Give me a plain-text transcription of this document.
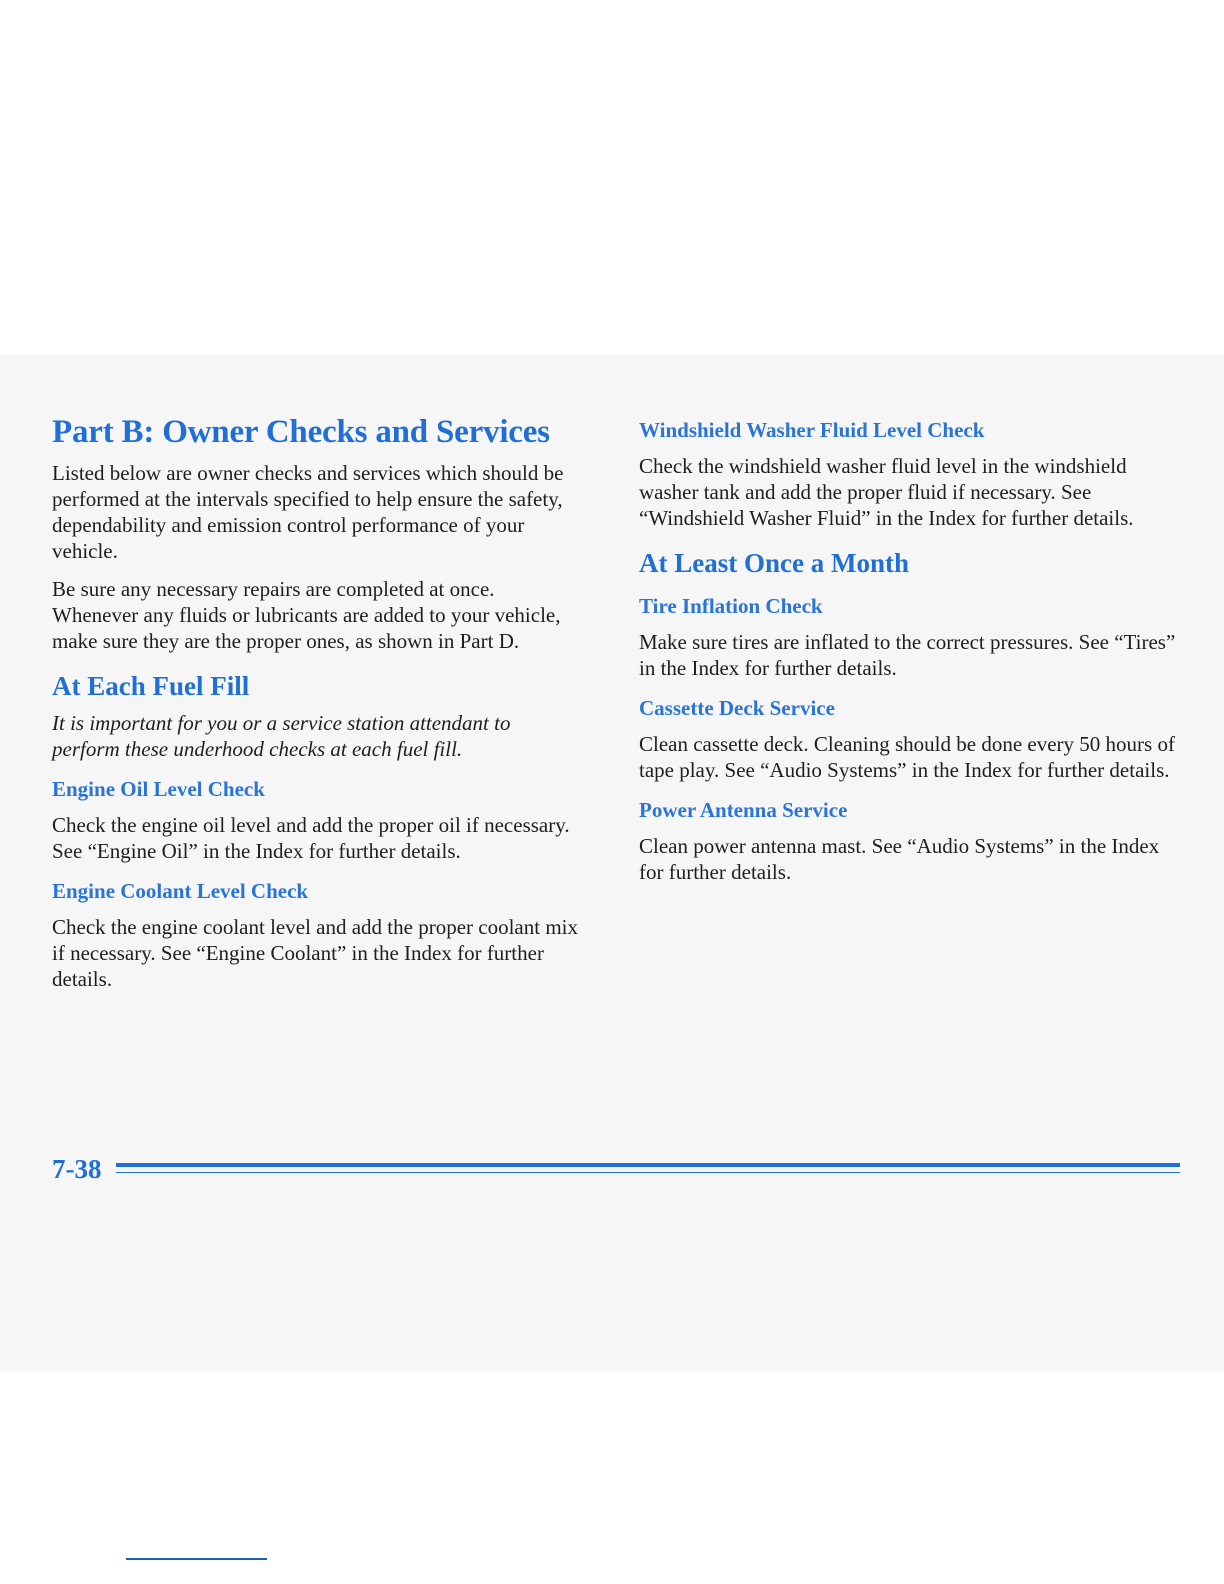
Part B: Owner Checks and Services

Listed below are owner checks and services which should be performed at the intervals specified to help ensure the safety, dependability and emission control performance of your vehicle.

Be sure any necessary repairs are completed at once. Whenever any fluids or lubricants are added to your vehicle, make sure they are the proper ones, as shown in Part D.

At Each Fuel Fill

It is important for you or a service station attendant to perform these underhood checks at each fuel fill.

Engine Oil Level Check

Check the engine oil level and add the proper oil if necessary. See “Engine Oil” in the Index for further details.

Engine Coolant Level Check

Check the engine coolant level and add the proper coolant mix if necessary. See “Engine Coolant” in the Index for further details.

Windshield Washer Fluid Level Check

Check the windshield washer fluid level in the windshield washer tank and add the proper fluid if necessary. See “Windshield Washer Fluid” in the Index for further details.

At Least Once a Month
Tire Inflation Check

Make sure tires are inflated to the correct pressures. See “Tires” in the Index for further details.

Cassette Deck Service

Clean cassette deck. Cleaning should be done every 50 hours of tape play. See “Audio Systems” in the Index for further details.

Power Antenna Service

Clean power antenna mast. See “Audio Systems” in the Index for further details.

7-38
